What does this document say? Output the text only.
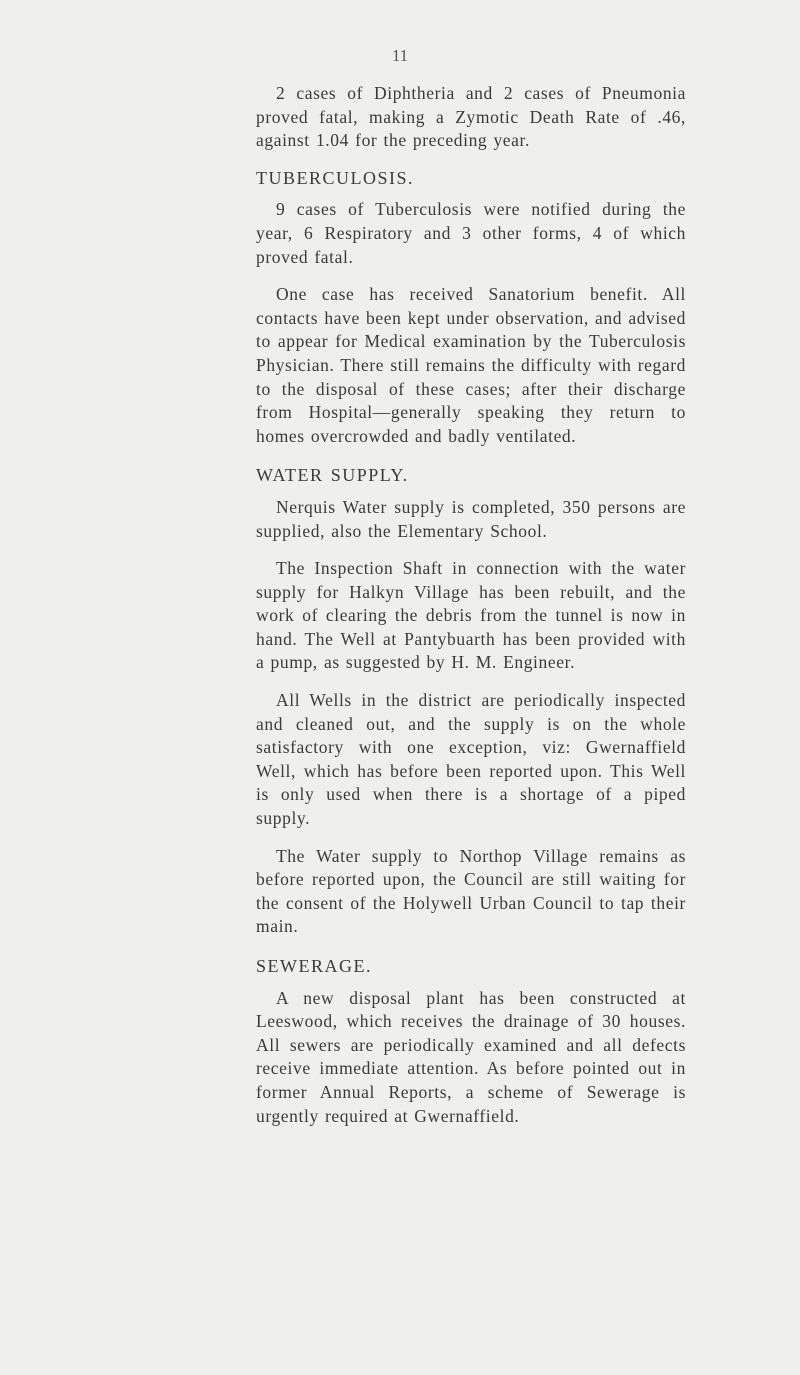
11

2 cases of Diphtheria and 2 cases of Pneumonia proved fatal, making a Zymotic Death Rate of .46, against 1.04 for the preceding year.

TUBERCULOSIS.

9 cases of Tuberculosis were notified during the year, 6 Respiratory and 3 other forms, 4 of which proved fatal.

One case has received Sanatorium benefit. All contacts have been kept under observation, and advised to appear for Medical examination by the Tuberculosis Physician. There still remains the difficulty with regard to the disposal of these cases; after their discharge from Hospital—generally speaking they return to homes overcrowded and badly ventilated.

WATER SUPPLY.

Nerquis Water supply is completed, 350 persons are supplied, also the Elementary School.

The Inspection Shaft in connection with the water supply for Halkyn Village has been rebuilt, and the work of clearing the debris from the tunnel is now in hand. The Well at Pantybuarth has been provided with a pump, as suggested by H. M. Engineer.

All Wells in the district are periodically inspected and cleaned out, and the supply is on the whole satisfactory with one exception, viz: Gwernaffield Well, which has before been reported upon. This Well is only used when there is a shortage of a piped supply.

The Water supply to Northop Village remains as before reported upon, the Council are still waiting for the consent of the Holywell Urban Council to tap their main.

SEWERAGE.

A new disposal plant has been constructed at Leeswood, which receives the drainage of 30 houses. All sewers are periodically examined and all defects receive immediate attention. As before pointed out in former Annual Reports, a scheme of Sewerage is urgently required at Gwernaffield.
